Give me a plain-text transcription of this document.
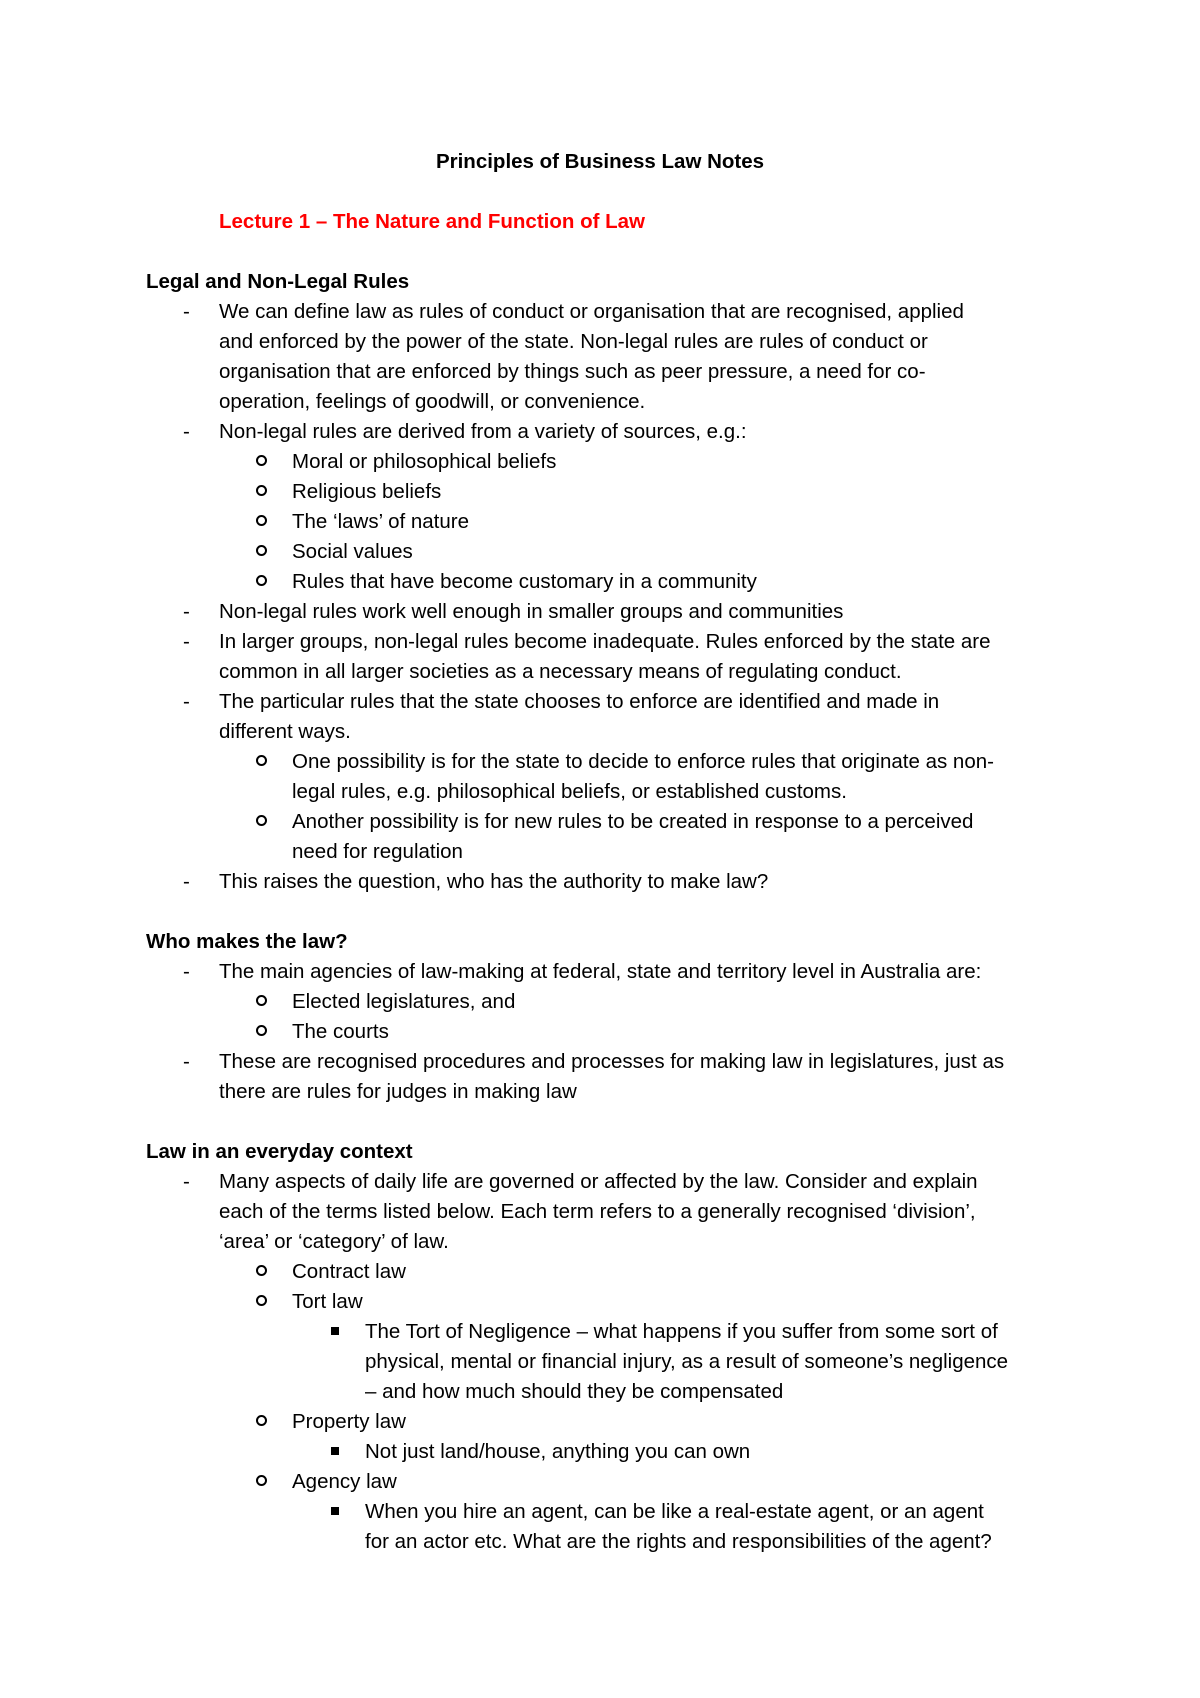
Principles of Business Law Notes
Lecture 1 – The Nature and Function of Law
Legal and Non-Legal Rules
- We can define law as rules of conduct or organisation that are recognised, applied
and enforced by the power of the state. Non-legal rules are rules of conduct or
organisation that are enforced by things such as peer pressure, a need for co-
operation, feelings of goodwill, or convenience.
- Non-legal rules are derived from a variety of sources, e.g.:
Moral or philosophical beliefs
Religious beliefs
The ‘laws’ of nature
Social values
Rules that have become customary in a community
- Non-legal rules work well enough in smaller groups and communities
- In larger groups, non-legal rules become inadequate. Rules enforced by the state are
common in all larger societies as a necessary means of regulating conduct.
- The particular rules that the state chooses to enforce are identified and made in
different ways.
One possibility is for the state to decide to enforce rules that originate as non-
legal rules, e.g. philosophical beliefs, or established customs.
Another possibility is for new rules to be created in response to a perceived
need for regulation
- This raises the question, who has the authority to make law?
Who makes the law?
- The main agencies of law-making at federal, state and territory level in Australia are:
Elected legislatures, and
The courts
- These are recognised procedures and processes for making law in legislatures, just as
there are rules for judges in making law
Law in an everyday context
- Many aspects of daily life are governed or affected by the law. Consider and explain
each of the terms listed below. Each term refers to a generally recognised ‘division’,
‘area’ or ‘category’ of law.
Contract law
Tort law
The Tort of Negligence – what happens if you suffer from some sort of
physical, mental or financial injury, as a result of someone’s negligence
– and how much should they be compensated
Property law
Not just land/house, anything you can own
Agency law
When you hire an agent, can be like a real-estate agent, or an agent
for an actor etc. What are the rights and responsibilities of the agent?
